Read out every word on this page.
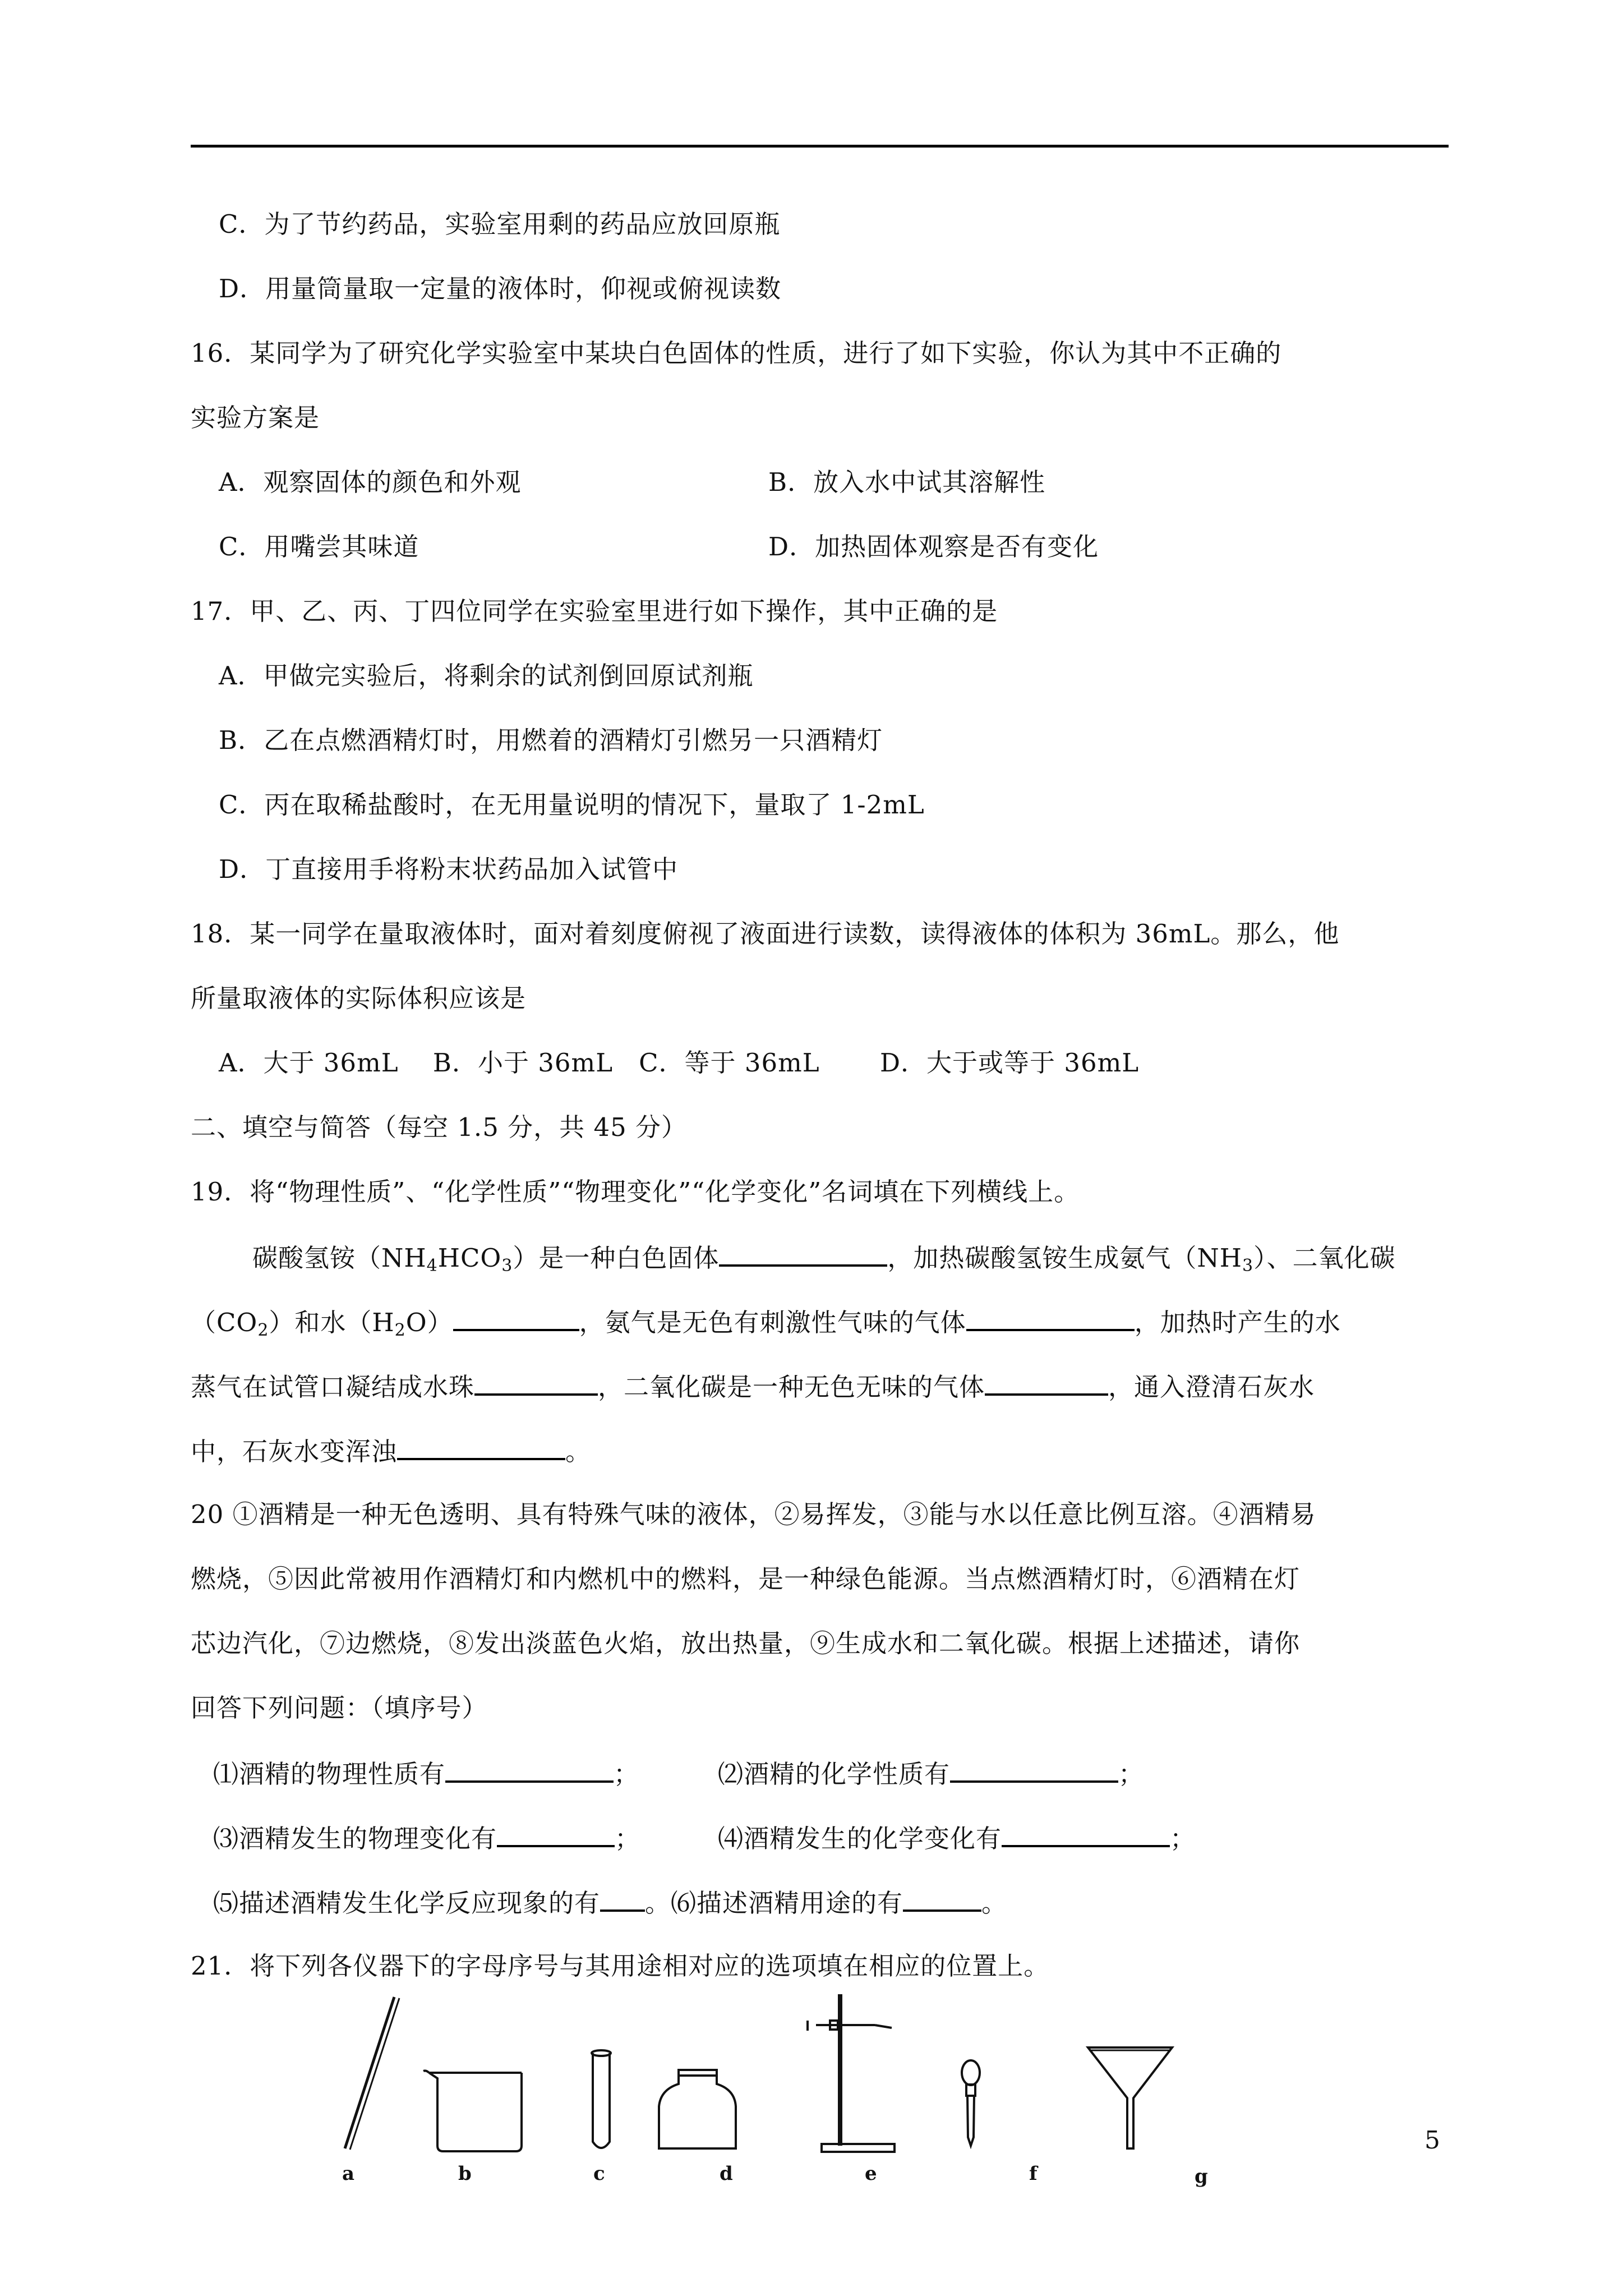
C．为了节约药品，实验室用剩的药品应放回原瓶
D．用量筒量取一定量的液体时，仰视或俯视读数
16．某同学为了研究化学实验室中某块白色固体的性质，进行了如下实验，你认为其中不正确的
实验方案是
A．观察固体的颜色和外观	B．放入水中试其溶解性
C．用嘴尝其味道	D．加热固体观察是否有变化
17．甲、乙、丙、丁四位同学在实验室里进行如下操作，其中正确的是
A．甲做完实验后，将剩余的试剂倒回原试剂瓶
B．乙在点燃酒精灯时，用燃着的酒精灯引燃另一只酒精灯
C．丙在取稀盐酸时，在无用量说明的情况下，量取了 1-2mL
D．丁直接用手将粉末状药品加入试管中
18．某一同学在量取液体时，面对着刻度俯视了液面进行读数，读得液体的体积为 36mL。那么，他
所量取液体的实际体积应该是
A．大于 36mL　 B．小于 36mL　C．等于 36mL　　 D．大于或等于 36mL
二、填空与简答（每空 1.5 分，共 45 分）
19．将“物理性质”、“化学性质”“物理变化”“化学变化”名词填在下列横线上。
碳酸氢铵$(NH_4HCO_3)$是一种白色固体	，加热碳酸氢铵生成氨气$(NH_3)$、二氧化碳
$(CO_2)$和水$(H_2O)$	，氨气是无色有刺激性气味的气体	，加热时产生的水
蒸气在试管口凝结成水珠	，二氧化碳是一种无色无味的气体	，通入澄清石灰水
中，石灰水变浑浊	。
20 ①酒精是一种无色透明、具有特殊气味的液体，②易挥发，③能与水以任意比例互溶。④酒精易
燃烧，⑤因此常被用作酒精灯和内燃机中的燃料，是一种绿色能源。当点燃酒精灯时，⑥酒精在灯
芯边汽化，⑦边燃烧，⑧发出淡蓝色火焰，放出热量，⑨生成水和二氧化碳。根据上述描述，请你
回答下列问题：（填序号）
⑴酒精的物理性质有	；	⑵酒精的化学性质有	；
⑶酒精发生的物理变化有	；	⑷酒精发生的化学变化有	；
⑸描述酒精发生化学反应现象的有 。⑹描述酒精用途的有	。
21．将下列各仪器下的字母序号与其用途相对应的选项填在相应的位置上。
a	b	c	d	e	f	g
5
